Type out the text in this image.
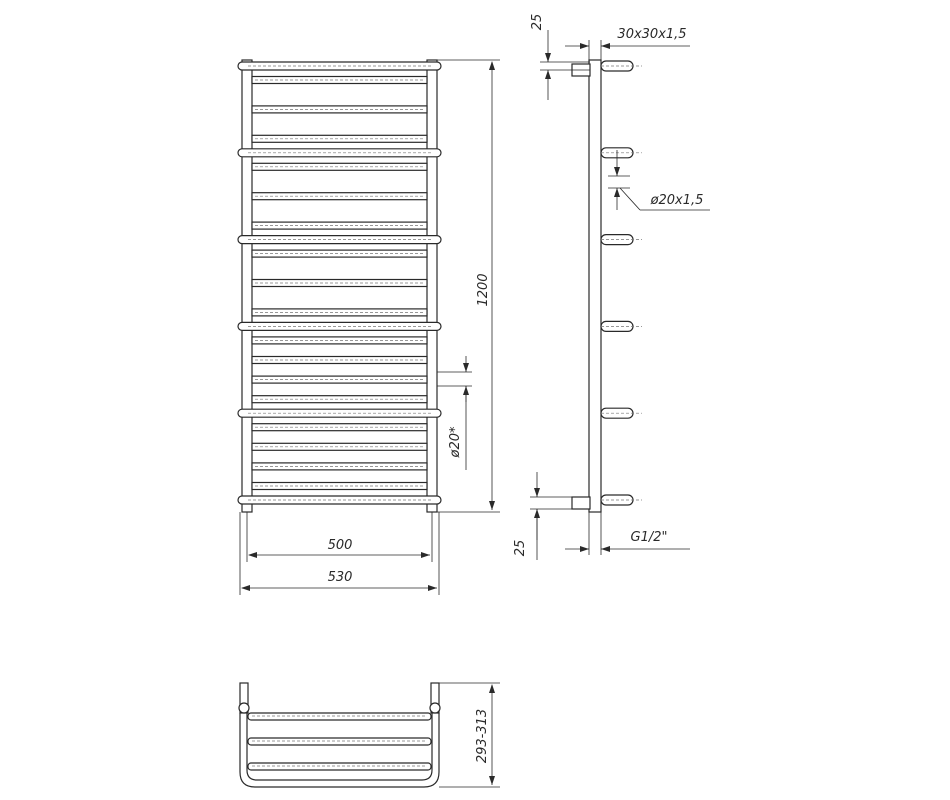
1200
ø20*
500
530
25
30x30x1,5
ø20x1,5
25
G1/2"
293-313
